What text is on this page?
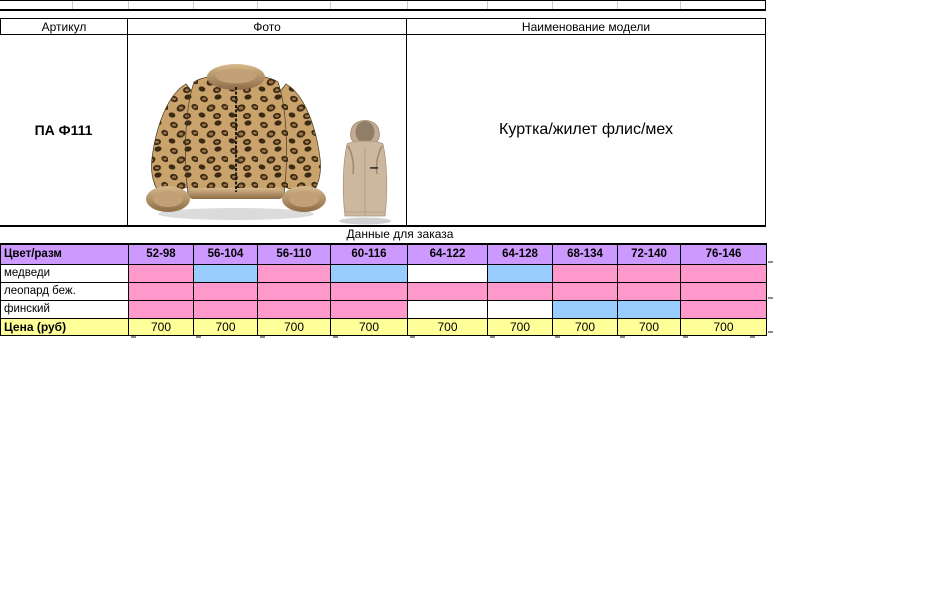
Артикул	Фото	Наименование модели
ПА Ф111	Куртка/жилет флис/мех
Данные для заказа
Цвет/разм	52-98	56-104	56-110	60-116	64-122	64-128	68-134	72-140	76-146
медведи
леопард беж.
финский
Цена (руб)	700	700	700	700	700	700	700	700	700
